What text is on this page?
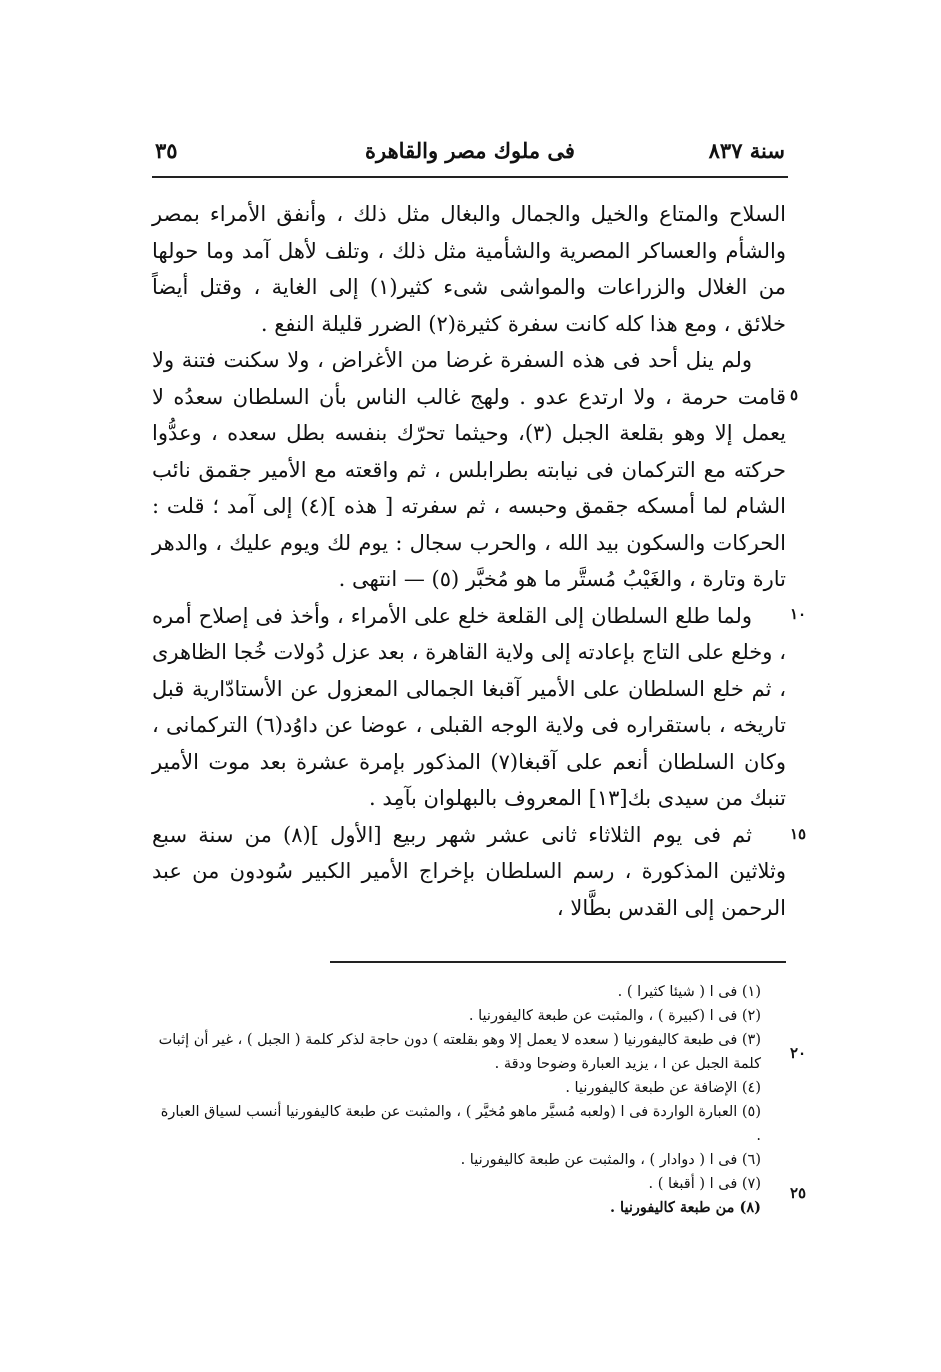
سنة ٨٣٧
فى ملوك مصر والقاهرة
٣٥

السلاح والمتاع والخيل والجمال والبغال مثل ذلك ، وأنفق الأمراء بمصر والشأم والعساكر المصرية والشأمية مثل ذلك ، وتلف لأهل آمد وما حولها من الغلال والزراعات والمواشى شىء كثير(١) إلى الغاية ، وقتل أيضاً خلائق ، ومع هذا كله كانت سفرة كثيرة(٢) الضرر قليلة النفع .

ولم ينل أحد فى هذه السفرة غرضا من الأغراض ، ولا سكنت فتنة ولا قامت حرمة ، ولا ارتدع عدو . ولهج غالب الناس بأن السلطان سعدُه لا يعمل إلا وهو بقلعة الجبل (٣)، وحيثما تحرّك بنفسه بطل سعده ، وعدُّوا حركته مع التركمان فى نيابته بطرابلس ، ثم واقعته مع الأمير جقمق نائب الشام لما أمسكه جقمق وحبسه ، ثم سفرته [ هذه ](٤) إلى آمد ؛ قلت : الحركات والسكون بيد الله ، والحرب سجال : يوم لك ويوم عليك ، والدهر تارة وتارة ، والغَيْبُ مُستَّر ما هو مُخبَّر (٥) — انتهى .

ولما طلع السلطان إلى القلعة خلع على الأمراء ، وأخذ فى إصلاح أمره ، وخلع على التاج بإعادته إلى ولاية القاهرة ، بعد عزل دُولات خُجا الظاهرى ، ثم خلع السلطان على الأمير آقبغا الجمالى المعزول عن الأستادّارية قبل تاريخه ، باستقراره فى ولاية الوجه القبلى ، عوضا عن داوُد(٦) التركمانى ، وكان السلطان أنعم على آقبغا(٧) المذكور بإمرة عشرة بعد موت الأمير تنبك من سيدى بك[١٣] المعروف بالبهلوان بآمِد .

ثم فى يوم الثلاثاء ثانى عشر شهر ربيع [الأول ](٨) من سنة سبع وثلاثين المذكورة ، رسم السلطان بإخراج الأمير الكبير سُودون من عبد الرحمن إلى القدس بطَّالا ،

٥
١٠
١٥
٢٠
٢٥

(١) فى ا ( شيئا كثيرا ) .

(٢) فى ا (كبيرة ) ، والمثبت عن طبعة كاليفورنيا .

(٣) فى طبعة كاليفورنيا ( سعده لا يعمل إلا وهو بقلعته ) دون حاجة لذكر كلمة ( الجبل ) ، غير أن إثبات كلمة الجبل عن ا ، يزيد العبارة وضوحا ودقة .

(٤) الإضافة عن طبعة كاليفورنيا .

(٥) العبارة الواردة فى ا (ولعبه مُسيَّر ماهو مُخيَّر ) ، والمثبت عن طبعة كاليفورنيا أنسب لسياق العبارة .

(٦) فى ا ( دوادار ) ، والمثبت عن طبعة كاليفورنيا .

(٧) فى ا ( أقبغا ) .

(٨) من طبعة كاليفورنيا .
